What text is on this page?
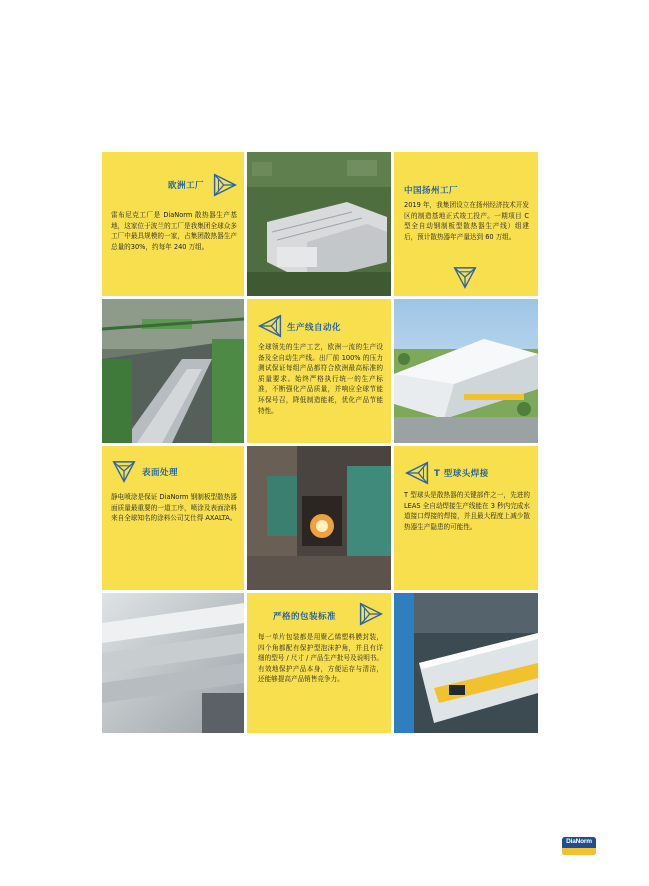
欧洲工厂
雷布尼克工厂是 DiaNorm 散热器生产基地，这家位于波兰的工厂是我集团全球众多工厂中最具规模的一家，占集团散热器生产总量的30%，约每年 240 万组。
中国扬州工厂
2019 年，我集团设立在扬州经济技术开发区的制造基地正式竣工投产。一期项目 C 型全自动钢制板型散热器生产线）组建后，预计散热器年产量达到 60 万组。
生产线自动化
全球领先的生产工艺，欧洲一流的生产设备及全自动生产线。出厂前 100% 的压力测试保证每组产品都符合欧洲最高标准的质量要求。始终严格执行统一的生产标准，不断强化产品质量，并响应全球节能环保号召，降低制造能耗，优化产品节能特性。
表面处理
静电喷涂是保证 DiaNorm 钢制板型散热器面质量最重要的一道工序，喷涂及表面涂料来自全球知名的涂料公司艾仕得 AXALTA。
T 型球头焊接
T 型球头是散热器的关键部件之一，先进的 LEAS 全自动焊接生产线能在 3 秒内完成水道接口焊接的焊接，并且最大程度上减少散热器生产隐患的可能性。
严格的包装标准
每一单片包装都是用聚乙烯塑料膜封装，四个角都配有保护型泡沫护角，并且有详细的型号 / 尺寸 / 产品生产批号及说明书。有效地保护产品本身，方便运存与清洁，还能够提高产品销售竞争力。
DiaNorm
